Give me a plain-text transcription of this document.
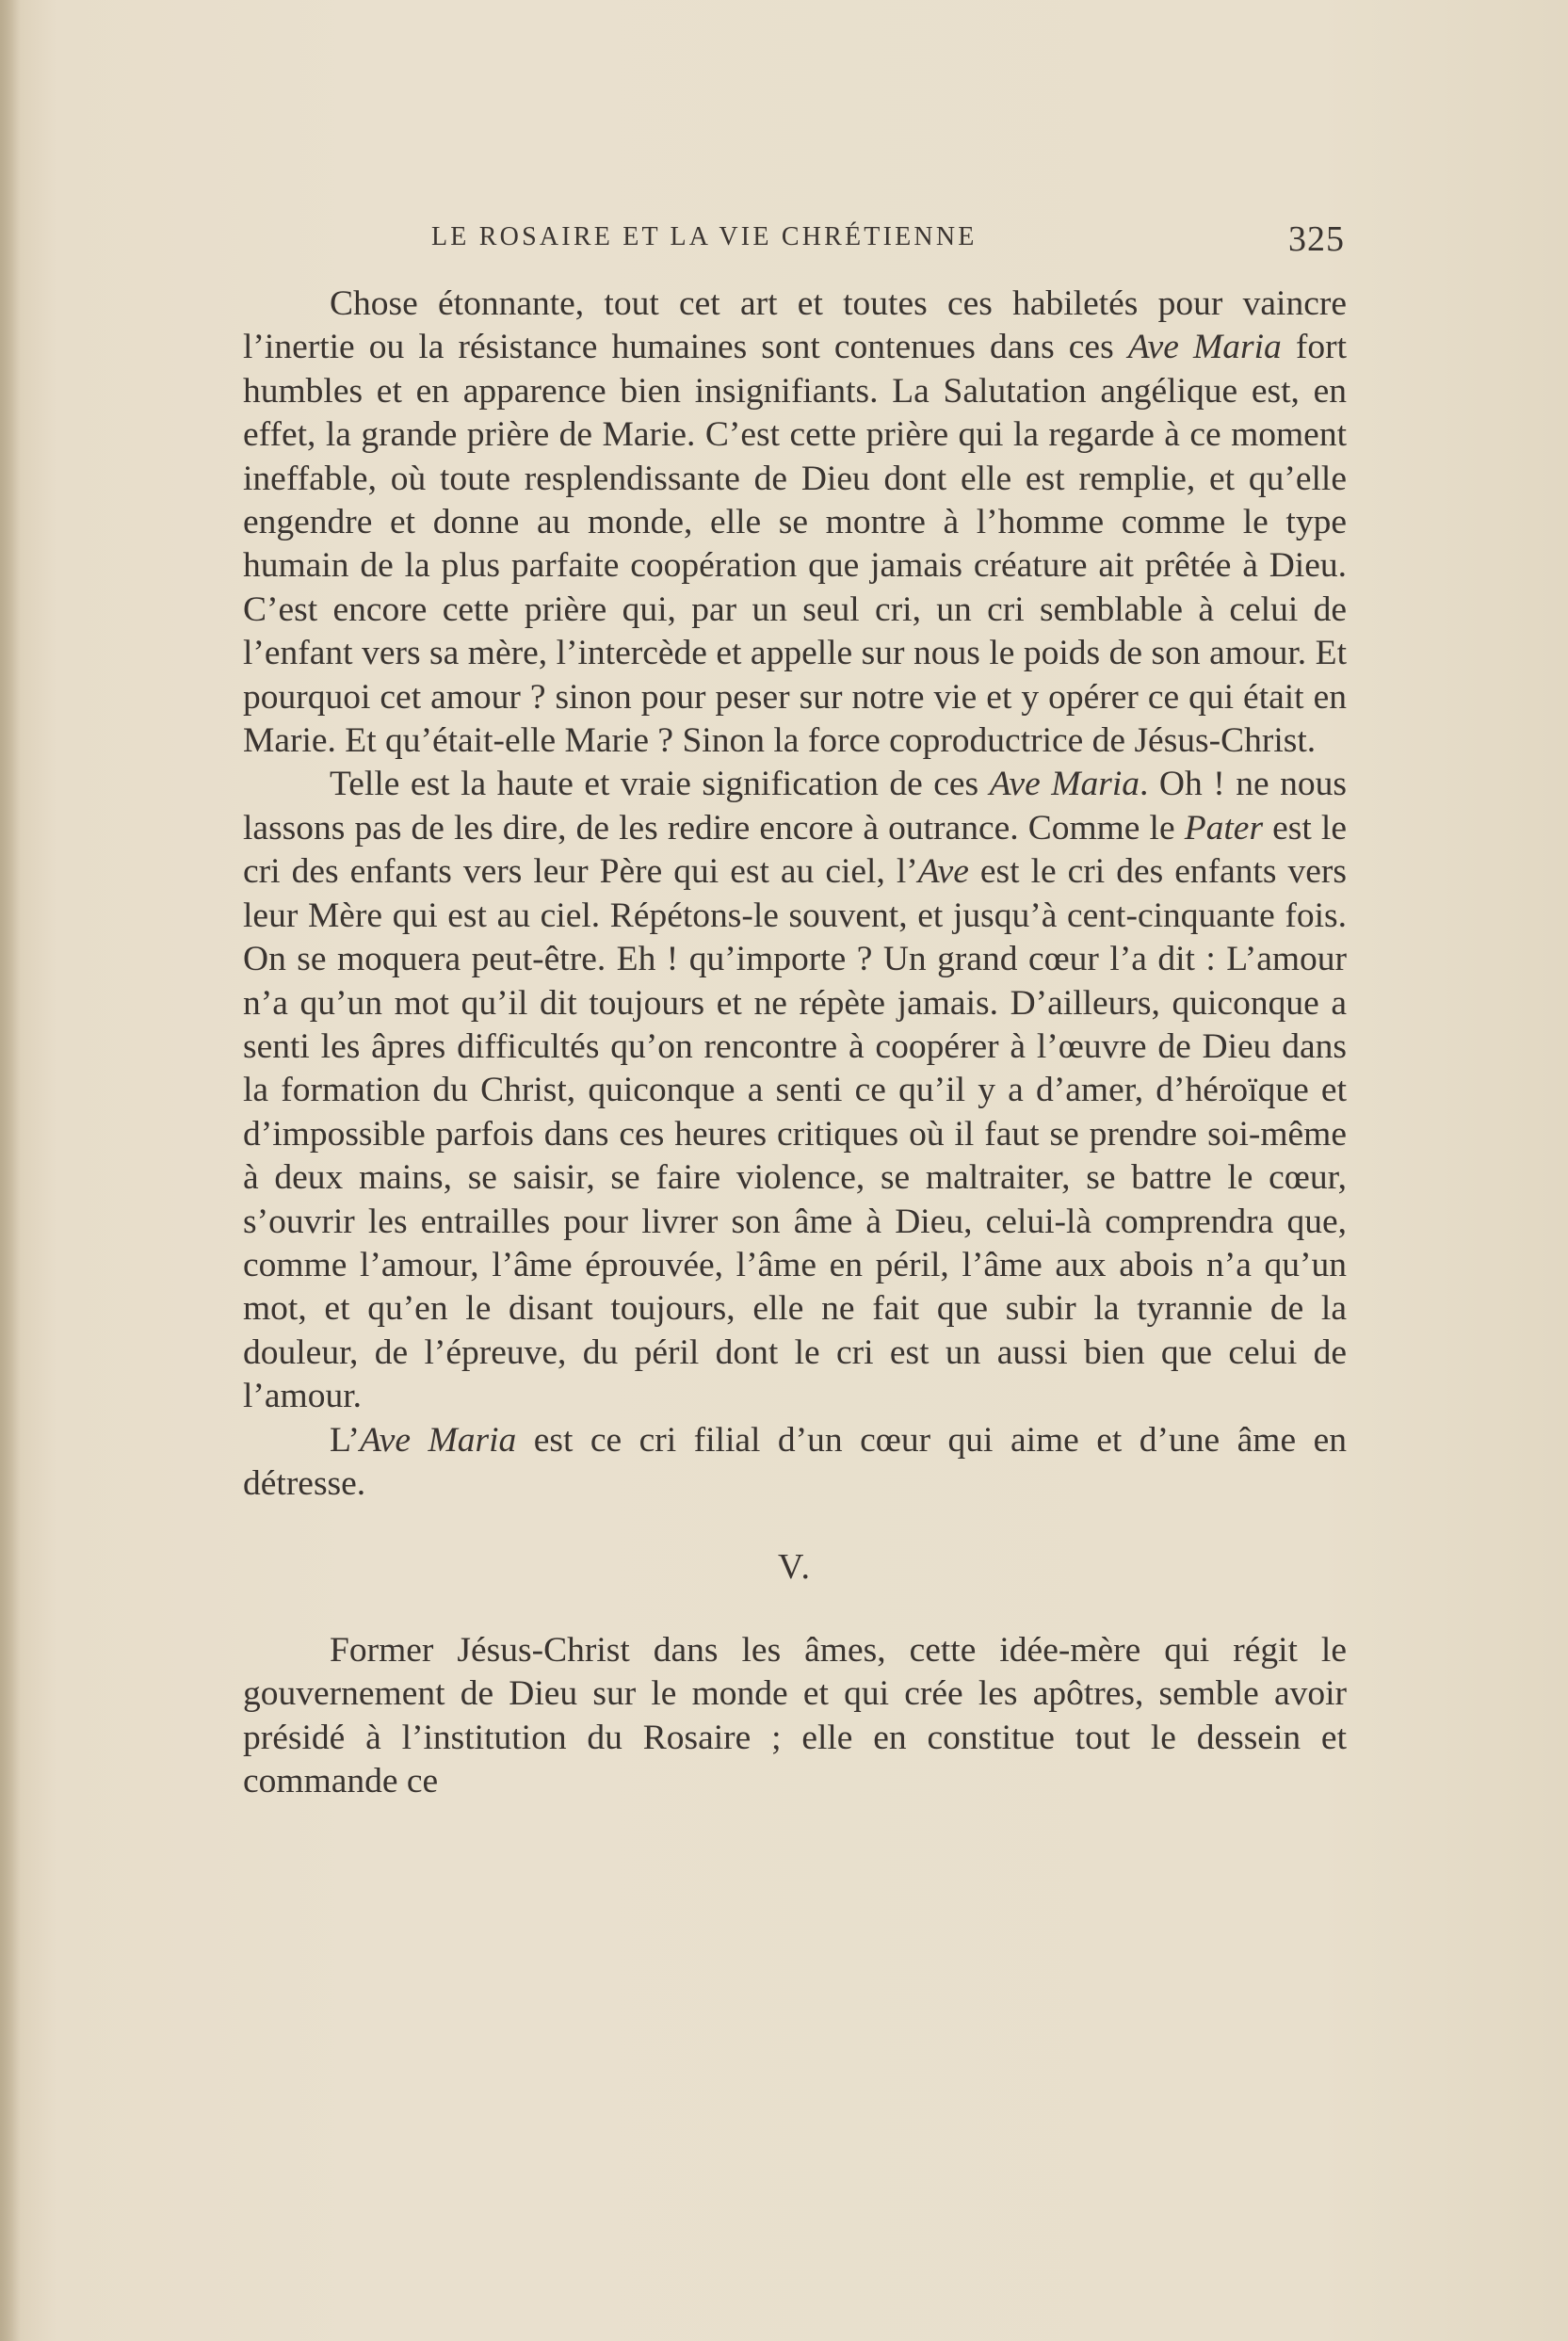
LE ROSAIRE ET LA VIE CHRÉTIENNE	325

Chose étonnante, tout cet art et toutes ces habiletés pour vaincre l’inertie ou la résistance humaines sont contenues dans ces Ave Maria fort humbles et en apparence bien insignifiants. La Salutation angélique est, en effet, la grande prière de Marie. C’est cette prière qui la regarde à ce moment ineffable, où toute resplendissante de Dieu dont elle est remplie, et qu’elle engendre et donne au monde, elle se montre à l’homme comme le type humain de la plus parfaite coopération que jamais créature ait prêtée à Dieu. C’est encore cette prière qui, par un seul cri, un cri semblable à celui de l’enfant vers sa mère, l’intercède et appelle sur nous le poids de son amour. Et pourquoi cet amour ? sinon pour peser sur notre vie et y opérer ce qui était en Marie. Et qu’était-elle Marie ? Sinon la force coproductrice de Jésus-Christ.

Telle est la haute et vraie signification de ces Ave Maria. Oh ! ne nous lassons pas de les dire, de les redire encore à outrance. Comme le Pater est le cri des enfants vers leur Père qui est au ciel, l’Ave est le cri des enfants vers leur Mère qui est au ciel. Répétons-le souvent, et jusqu’à cent-cinquante fois. On se moquera peut-être. Eh ! qu’importe ? Un grand cœur l’a dit : L’amour n’a qu’un mot qu’il dit toujours et ne répète jamais. D’ailleurs, quiconque a senti les âpres difficultés qu’on rencontre à coopérer à l’œuvre de Dieu dans la formation du Christ, quiconque a senti ce qu’il y a d’amer, d’héroïque et d’impossible parfois dans ces heures critiques où il faut se prendre soi-même à deux mains, se saisir, se faire violence, se maltraiter, se battre le cœur, s’ouvrir les entrailles pour livrer son âme à Dieu, celui-là comprendra que, comme l’amour, l’âme éprouvée, l’âme en péril, l’âme aux abois n’a qu’un mot, et qu’en le disant toujours, elle ne fait que subir la tyrannie de la douleur, de l’épreuve, du péril dont le cri est un aussi bien que celui de l’amour.

L’Ave Maria est ce cri filial d’un cœur qui aime et d’une âme en détresse.

V.

Former Jésus-Christ dans les âmes, cette idée-mère qui régit le gouvernement de Dieu sur le monde et qui crée les apôtres, semble avoir présidé à l’institution du Rosaire ; elle en constitue tout le dessein et commande ce
